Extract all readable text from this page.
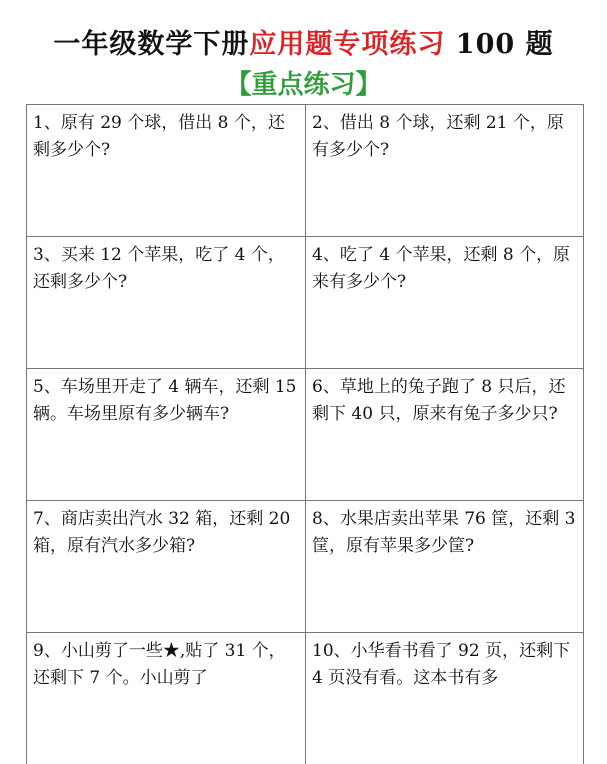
一年级数学下册应用题专项练习 100 题
【重点练习】
1、原有 29 个球，借出 8 个，还剩多少个?
2、借出 8 个球，还剩 21 个，原有多少个?
3、买来 12 个苹果，吃了 4 个，还剩多少个?
4、吃了 4 个苹果，还剩 8 个，原来有多少个?
5、车场里开走了 4 辆车，还剩 15 辆。车场里原有多少辆车?
6、草地上的兔子跑了 8 只后，还剩下 40 只，原来有兔子多少只?
7、商店卖出汽水 32 箱，还剩 20 箱，原有汽水多少箱?
8、水果店卖出苹果 76 筐，还剩 3 筐，原有苹果多少筐?
9、小山剪了一些★,贴了 31 个，还剩下 7 个。小山剪了
10、小华看书看了 92 页，还剩下 4 页没有看。这本书有多
